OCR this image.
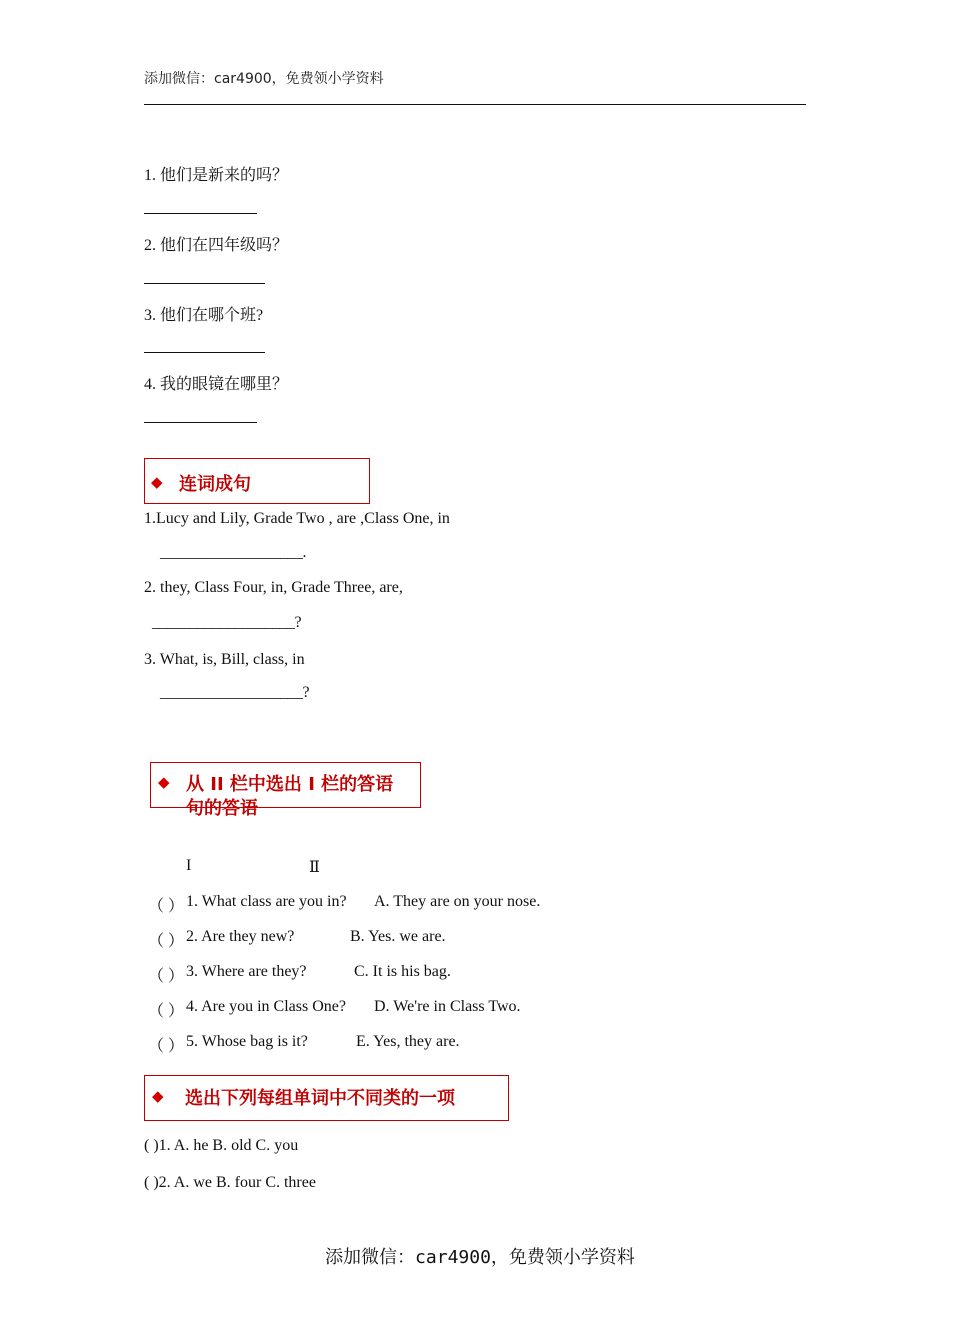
添加微信：car4900，免费领小学资料
1. 他们是新来的吗？
2. 他们在四年级吗？
3. 他们在哪个班?
4. 我的眼镜在哪里？
◆ 连词成句
1.Lucy and Lily, Grade Two , are ,Class One, in
___________________.
2. they, Class Four, in, Grade Three, are,
___________________?
3. What, is, Bill, class, in
___________________?
◆ 从 II 栏中选出 I 栏的答语
句的答语
I	Ⅱ
（ ） 1. What class are you in? A. They are on your nose.
（ ） 2. Are they new?	B. Yes. we are.
（ ） 3. Where are they?	C. It is his bag.
（ ） 4. Are you in Class One? D. We're in Class Two.
（ ） 5. Whose bag is it?	E. Yes, they are.
◆ 选出下列每组单词中不同类的一项
( )1. A. he B. old C. you
( )2. A. we B. four C. three
添加微信：car4900，免费领小学资料
